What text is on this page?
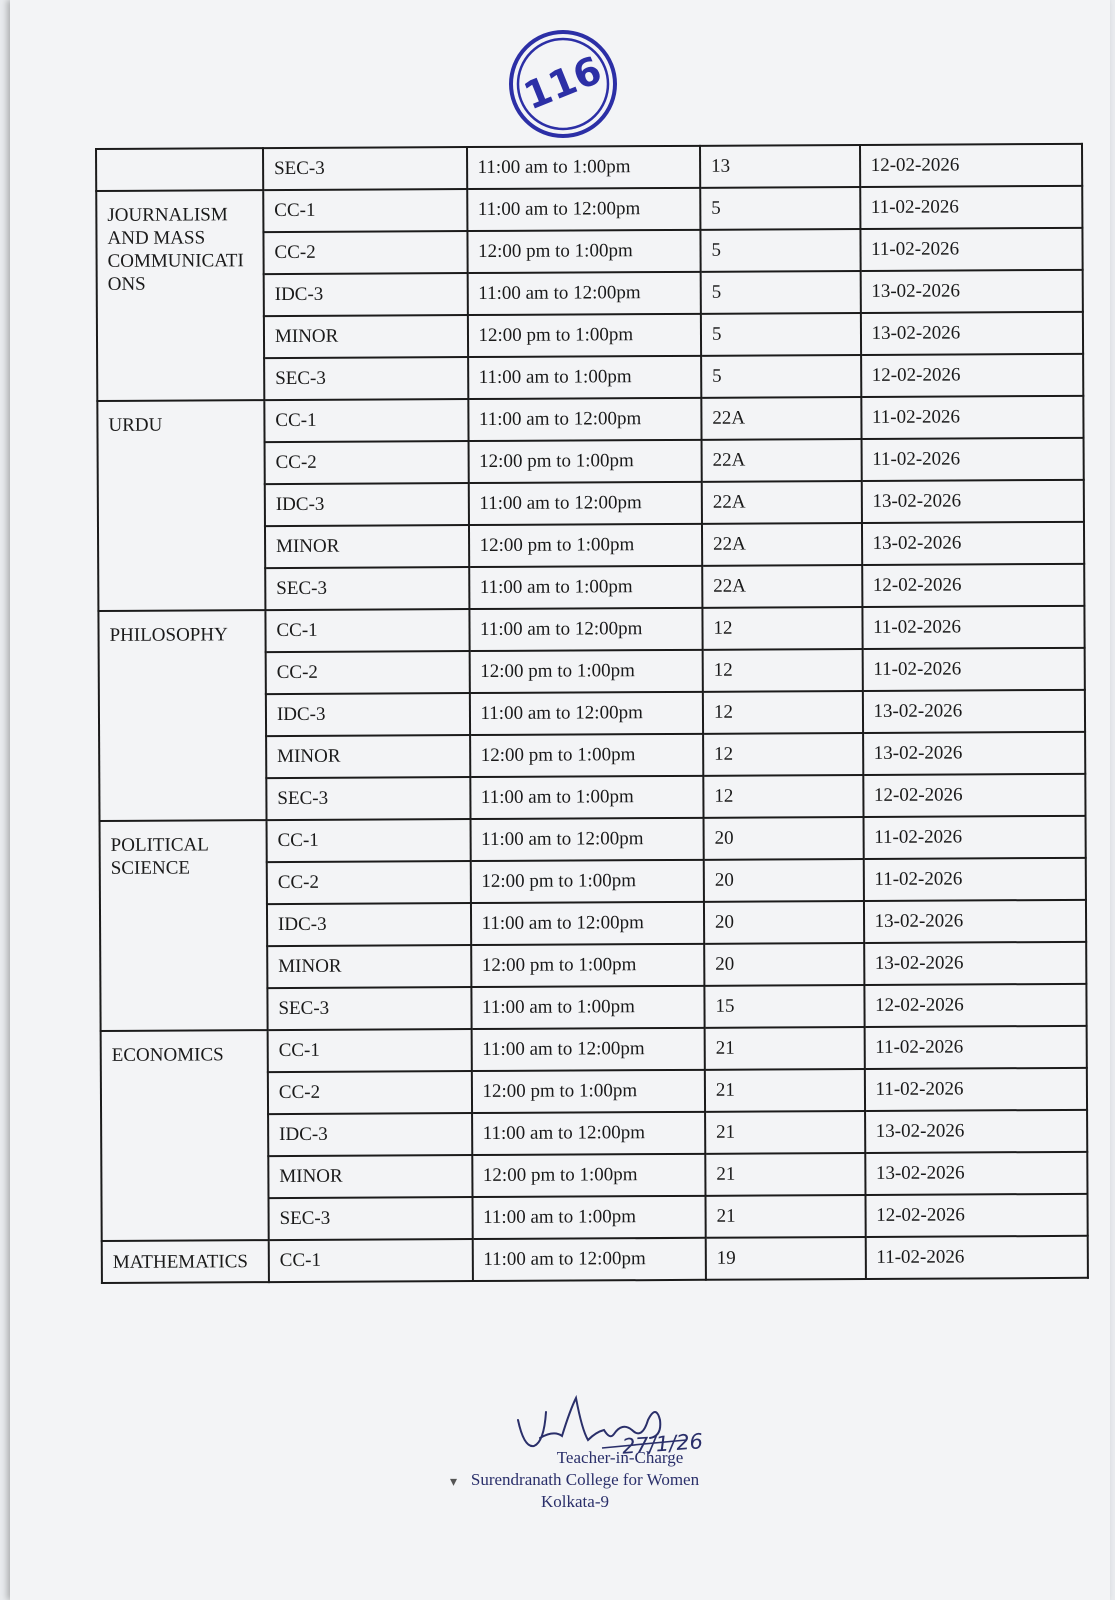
116
	SEC-3	11:00 am to 1:00pm	13	12-02-2026
JOURNALISM
AND MASS
COMMUNICATI
ONS	CC-1	11:00 am to 12:00pm	5	11-02-2026
	CC-2	12:00 pm to 1:00pm	5	11-02-2026
	IDC-3	11:00 am to 12:00pm	5	13-02-2026
	MINOR	12:00 pm to 1:00pm	5	13-02-2026
	SEC-3	11:00 am to 1:00pm	5	12-02-2026
URDU	CC-1	11:00 am to 12:00pm	22A	11-02-2026
	CC-2	12:00 pm to 1:00pm	22A	11-02-2026
	IDC-3	11:00 am to 12:00pm	22A	13-02-2026
	MINOR	12:00 pm to 1:00pm	22A	13-02-2026
	SEC-3	11:00 am to 1:00pm	22A	12-02-2026
PHILOSOPHY	CC-1	11:00 am to 12:00pm	12	11-02-2026
	CC-2	12:00 pm to 1:00pm	12	11-02-2026
	IDC-3	11:00 am to 12:00pm	12	13-02-2026
	MINOR	12:00 pm to 1:00pm	12	13-02-2026
	SEC-3	11:00 am to 1:00pm	12	12-02-2026
POLITICAL
SCIENCE	CC-1	11:00 am to 12:00pm	20	11-02-2026
	CC-2	12:00 pm to 1:00pm	20	11-02-2026
	IDC-3	11:00 am to 12:00pm	20	13-02-2026
	MINOR	12:00 pm to 1:00pm	20	13-02-2026
	SEC-3	11:00 am to 1:00pm	15	12-02-2026
ECONOMICS	CC-1	11:00 am to 12:00pm	21	11-02-2026
	CC-2	12:00 pm to 1:00pm	21	11-02-2026
	IDC-3	11:00 am to 12:00pm	21	13-02-2026
	MINOR	12:00 pm to 1:00pm	21	13-02-2026
	SEC-3	11:00 am to 1:00pm	21	12-02-2026
MATHEMATICS	CC-1	11:00 am to 12:00pm	19	11-02-2026
27/1/26
Teacher-in-Charge
Surendranath College for Women
Kolkata-9
▾
